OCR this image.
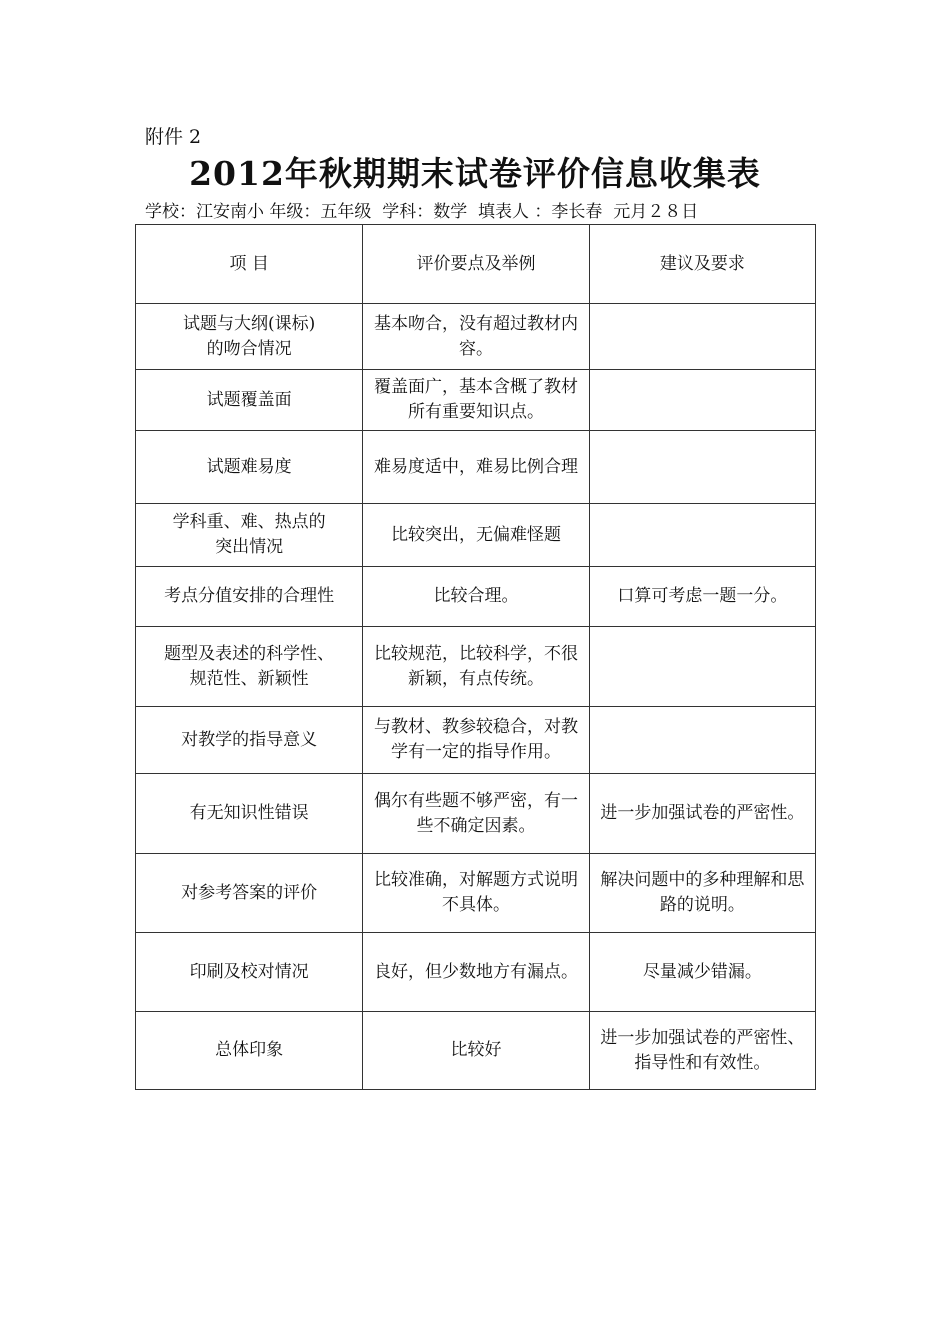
附件 2
2012年秋期期末试卷评价信息收集表
学校：江安南小 年级：五年级  学科：数学  填表人 ：李长春  元月２８日
项 目	评价要点及举例	建议及要求
试题与大纲(课标)
的吻合情况	基本吻合，没有超过教材内容。	
试题覆盖面	覆盖面广，基本含概了教材所有重要知识点。	
试题难易度	难易度适中，难易比例合理	
学科重、难、热点的
突出情况	比较突出，无偏难怪题	
考点分值安排的合理性	比较合理。	口算可考虑一题一分。
题型及表述的科学性、
规范性、新颖性	比较规范，比较科学，不很新颖，有点传统。	
对教学的指导意义	与教材、教参较稳合，对教学有一定的指导作用。	
有无知识性错误	偶尔有些题不够严密，有一些不确定因素。	进一步加强试卷的严密性。
对参考答案的评价	比较准确，对解题方式说明不具体。	解决问题中的多种理解和思路的说明。
印刷及校对情况	良好，但少数地方有漏点。	尽量减少错漏。
总体印象	比较好	进一步加强试卷的严密性、指导性和有效性。
